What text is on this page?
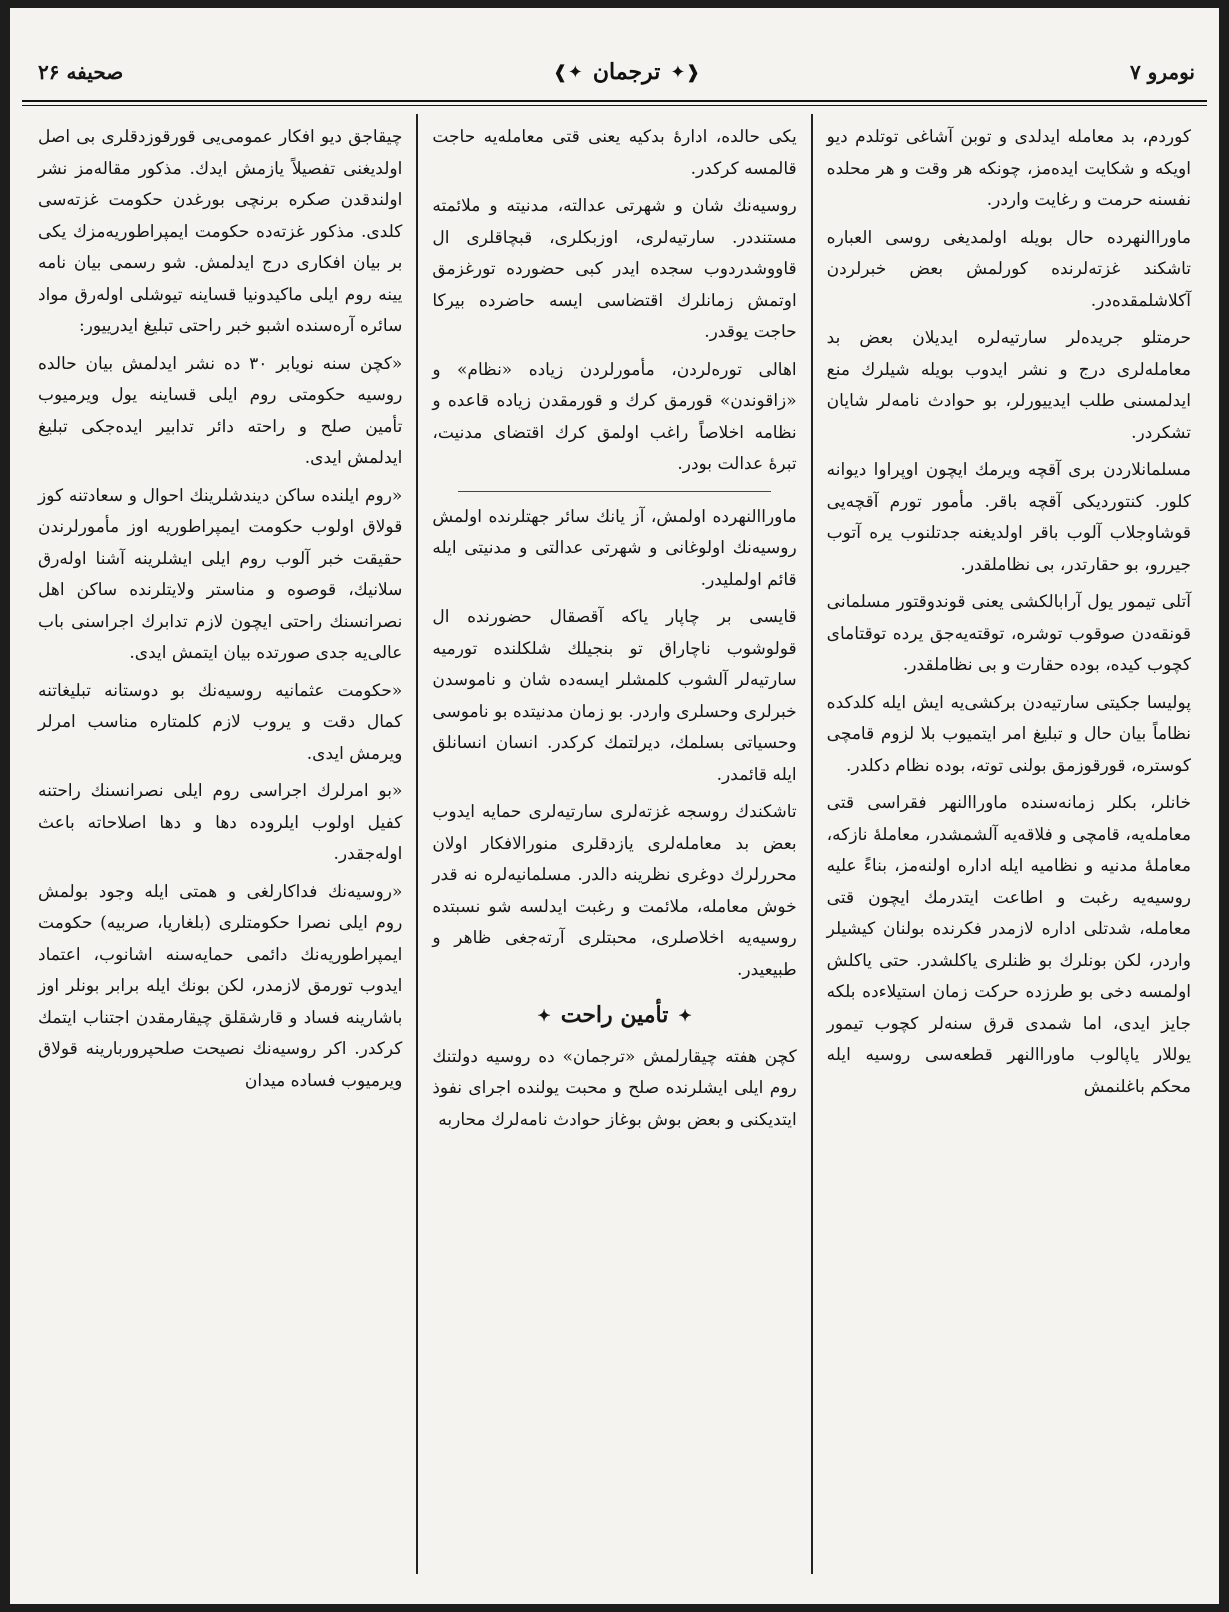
نومرو ۷
❰✦
ترجمان
✦❱
صحیفه ۲۶

کوردم، بد معامله ایدلدی و توبن آشاغی توتلدم دیو اویکه و شکایت ایده‌مز، چونکه هر وقت و هر محلده نفسنه حرمت و رغایت واردر.

ماوراالنهرده حال بویله اولمدیغی روسی العباره تاشکند غزته‌لرنده کورلمش بعض خبرلردن آکلاشلمقده‌در.

حرمتلو جریده‌لر سارتیه‌لره ایدیلان بعض بد معامله‌لری درج و نشر ایدوب بویله شیلرك منع ایدلمسنی طلب ایدییورلر، بو حوادث نامه‌لر شایان تشکردر.

مسلمانلاردن بری آقچه ویرمك ایچون اوپراوا دیوانه کلور. کنتوردیکی آقچه باقر. مأمور تورم آقچه‌یی قوشاوجلاب آلوب باقر اولدیغنه جدتلنوب یره آتوب جیررو، بو حقارتدر، بی نظاملقدر.

آتلی تیمور یول آرابالکشی یعنی قوندوقتور مسلمانی قونقه‌دن صوقوب توشره، توقته‌یه‌جق یرده توقتامای کچوب کیده، بوده حقارت و بی نظاملقدر.

پولیسا جکیتی سارتیه‌دن برکشی‌یه ایش ایله کلدکده نظاماً بیان حال و تبلیغ امر ایتمیوب بلا لزوم قامچی کوسترە، قورقوزمق بولنی توته، بوده نظام دکلدر.

خانلر، بکلر زمانه‌سنده ماوراالنهر فقراسی قتی معامله‌یه، قامچی و فلاقه‌یه آلشمشدر، معاملهٔ نازکه، معاملهٔ مدنیه و نظامیه ایله اداره اولنه‌مز، بناءً علیه روسیه‌یه رغبت و اطاعت ایتدرمك ایچون قتی معامله، شدتلی اداره لازمدر فکرنده بولنان کیشیلر واردر، لکن بونلرك بو ظنلری یاکلشدر. حتی یاکلش اولمسه دخی بو طرزده حرکت زمان استیلاءده بلکه جایز ایدی، اما شمدی قرق سنه‌لر کچوب تیمور یوللار یاپالوب ماوراالنهر قطعه‌سی روسیه ایله محکم باغلنمش

یکی حالده، ادارهٔ بدکیه یعنی قتی معامله‌یه حاجت قالمسه کرکدر.

روسیه‌نك شان و شهرتی عدالته، مدنیته و ملائمته مستنددر. سارتیه‌لری، اوزبکلری، قبچاقلری ال قاووشدردوب سجده ایدر کبی حضورده تورغزمق اوتمش زمانلرك اقتضاسی ایسه حاضرده بیرکا حاجت یوقدر.

اهالی توره‌لردن، مأمورلردن زیاده «نظام» و «زاقوندن» قورمق کرك و قورمقدن زیاده قاعده و نظامه اخلاصاً راغب اولمق کرك اقتضای مدنیت، تبرهٔ عدالت بودر.

ماوراالنهرده اولمش، آز یانك سائر جهتلرنده اولمش روسیه‌نك اولوغانی و شهرتی عدالتی و مدنیتی ایله قائم اولملیدر.

قایسی بر چاپار یاکه آقصقال حضورنده ال قولوشوب ناچاراق تو بنجیلك شلکلنده تورمیه سارتیه‌لر آلشوب کلمشلر ایسه‌ده شان و ناموسدن خبرلری وحسلری واردر. بو زمان مدنیتده بو ناموسی وحسیاتی بسلمك، دیرلتمك کرکدر. انسان انسانلق ایله قائمدر.

تاشکندك روسجه غزته‌لری سارتیه‌لری حمایه ایدوب بعض بد معامله‌لری یازدقلری منورالافکار اولان محررلرك دوغری نظرینه دالدر. مسلمانیه‌لره نه قدر خوش معامله، ملائمت و رغبت ایدلسه شو نسبتده روسیه‌یه اخلاصلری، محبتلری آرته‌جغی ظاهر و طبیعیدر.

✦
تأمین راحت
✦

کچن هفته چیقارلمش «ترجمان» ده روسیه دولتنك روم ایلی ایشلرنده صلح و محبت یولنده اجرای نفوذ ایتدیکنی و بعض بوش بوغاز حوادث نامه‌لرك محاربه

چیقاجق دیو افکار عمومی‌یی قورقوزدقلری بی اصل اولدیغنی تفصیلاً یازمش ایدك. مذکور مقاله‌مز نشر اولندقدن صکره برنچی بورغدن حکومت غزته‌سی کلدی. مذکور غزته‌ده حکومت ایمپراطوریه‌مزك یکی بر بیان افکاری درج ایدلمش. شو رسمی بیان نامه یینه روم ایلی ماکیدونیا قساینه تیوشلی اولەرق مواد سائره آره‌سنده اشبو خبر راحتی تبلیغ ایدرییور:

«کچن سنه نویابر ۳۰ ده نشر ایدلمش بیان حالده روسیه حکومتی روم ایلی قساینه یول ویرمیوب تأمین صلح و راحته دائر تدابیر ایده‌جکی تبلیغ ایدلمش ایدی.

«روم ایلنده ساکن دیندشلرینك احوال و سعادتنه کوز قولاق اولوب حکومت ایمپراطوریه اوز مأمورلرندن حقیقت خبر آلوب روم ایلی ایشلرینه آشنا اوله‌رق سلانیك، قوصوه و مناستر ولایتلرنده ساکن اهل نصرانسنك راحتی ایچون لازم تدابرك اجراسنی باب عالی‌یه جدی صورتده بیان ایتمش ایدی.

«حکومت عثمانیه روسیه‌نك بو دوستانه تبلیغاتنه کمال دقت و یروب لازم کلمتاره مناسب امرلر ویرمش ایدی.

«بو امرلرك اجراسی روم ایلی نصرانسنك راحتنه کفیل اولوب ایلروده دها و دها اصلاحاته باعث اوله‌جقدر.

«روسیه‌نك فداکارلغی و همتی ایله وجود بولمش روم ایلی نصرا حکومتلری (بلغاریا، صربیه) حکومت ایمپراطوریه‌نك دائمی حمایه‌سنه اشانوب، اعتماد ایدوب تورمق لازمدر، لکن بونك ایله برابر بونلر اوز باشارینه فساد و قارشقلق چیقارمقدن اجتناب ایتمك کرکدر. اکر روسیه‌نك نصیحت صلحپروربارینه قولاق ویرمیوب فساده میدان
